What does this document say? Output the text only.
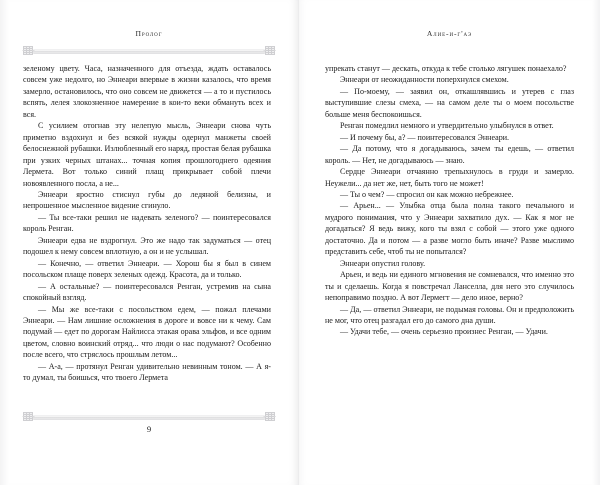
Пролог

зеленому цвету. Часа, назначенного для отъезда, ждать оставалось совсем уже недолго, но Эннеари впервые в жизни казалось, что время замерло, остановилось, что оно совсем не движется — а то и пустилось вспять, лелея злокозненное намерение в кои-то веки обмануть всех и вся.

С усилием отогнав эту нелепую мысль, Эннеари снова чуть приметно вздохнул и без всякой нужды одернул манжеты своей белоснежной рубашки. Излюбленный его наряд, простая белая рубашка при узких черных штанах... точная копия прошлогоднего одеяния Лермета. Вот только синий плащ прикрывает собой плечи новоявленного посла, а не...

Эннеари яростно стиснул губы до ледяной белизны, и непрошенное мысленное видение сгинуло.

— Ты все-таки решил не надевать зеленого? — поинтересовался король Ренган.

Эннеари едва не вздрогнул. Это же надо так задуматься — отец подошел к нему совсем вплотную, а он и не услышал.

— Конечно, — ответил Эннеари. — Хорош бы я был в синем посольском плаще поверх зеленых одежд. Красота, да и только.

— А остальные? — поинтересовался Ренган, устремив на сына спокойный взгляд.

— Мы же все-таки с посольством едем, — пожал плечами Эннеари. — Нам лишние осложнения в дороге и вовсе ни к чему. Сам подумай — едет по дорогам Найлисса этакая орава эльфов, и все одним цветом, словно воинский отряд... что люди о нас подумают? Особенно после всего, что стряслось прошлым летом...

— А-а, — протянул Ренган удивительно невинным тоном. — А я-то думал, ты боишься, что твоего Лермета

9
Алие-и-г'аэ

упрекать станут — дескать, откуда к тебе столько лягушек понаехало?

Эннеари от неожиданности поперхнулся смехом.

— По-моему, — заявил он, откашлявшись и утерев с глаз выступившие слезы смеха, — на самом деле ты о моем посольстве больше меня беспокоишься.

Ренган помедлил немного и утвердительно улыбнулся в ответ.

— И почему бы, а? — поинтересовался Эннеари.

— Да потому, что я догадываюсь, зачем ты едешь, — ответил король. — Нет, не догадываюсь — знаю.

Сердце Эннеари отчаянно трепыхнулось в груди и замерло. Неужели... да нет же, нет, быть того не может!

— Ты о чем? — спросил он как можно небрежнее.

— Арьен... — Улыбка отца была полна такого печального и мудрого понимания, что у Эннеари захватило дух. — Как я мог не догадаться? Я ведь вижу, кого ты взял с собой — этого уже одного достаточно. Да и потом — а разве могло быть иначе? Разве мыслимо представить себе, чтоб ты не попытался?

Эннеари опустил голову.

Арьен, и ведь ни единого мгновения не сомневался, что именно это ты и сделаешь. Когда я повстречал Ланселла, для него это случилось непоправимо поздно. А вот Лермегт — дело иное, верно?

— Да, — ответил Эннеари, не подымая головы. Он и предположить не мог, что отец разгадал его до самого дна души.

— Удачи тебе, — очень серьезно произнес Ренган, — Удачи.
